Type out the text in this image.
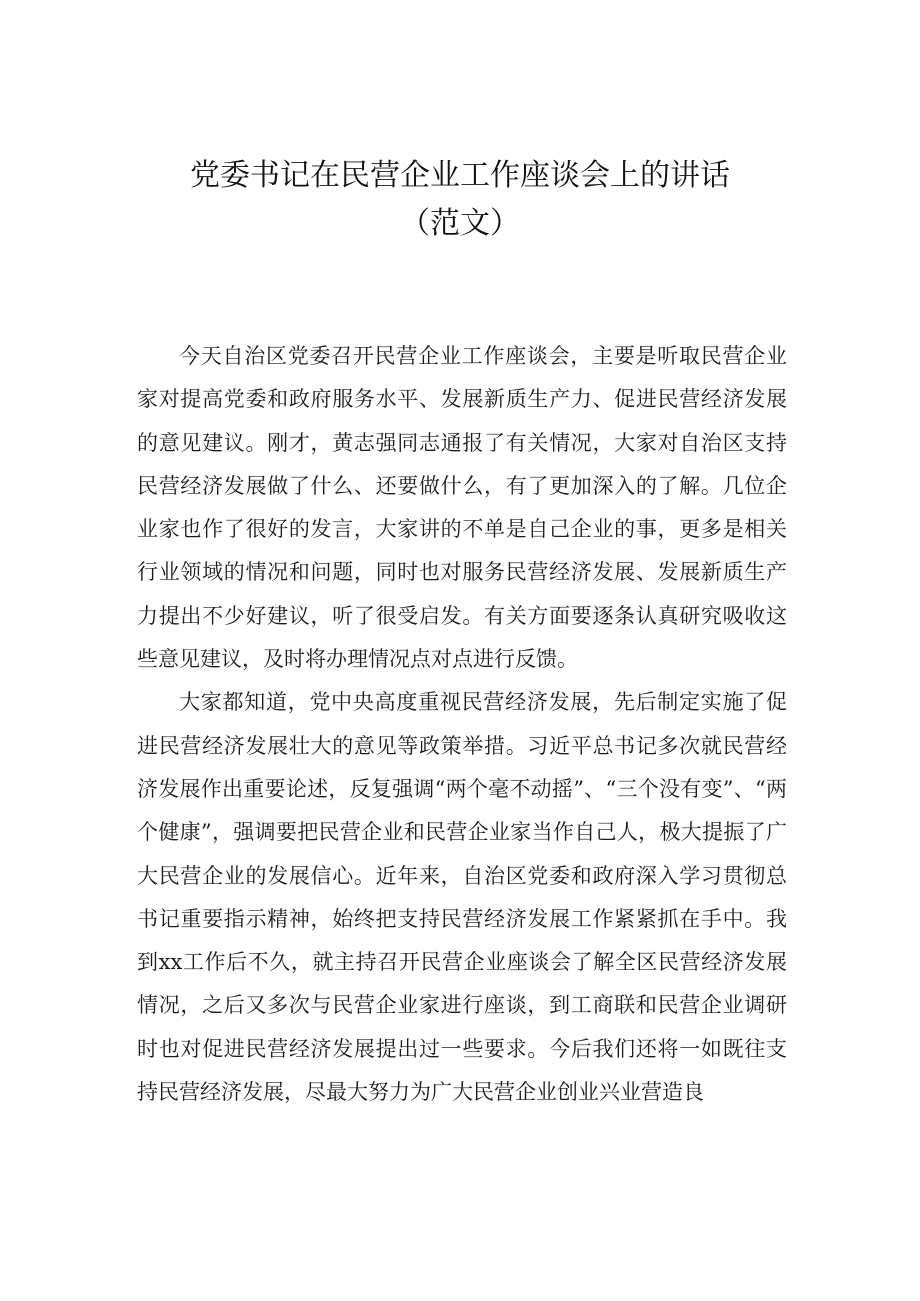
党委书记在民营企业工作座谈会上的讲话
（范文）

今天自治区党委召开民营企业工作座谈会，主要是听取民营企业家对提高党委和政府服务水平、发展新质生产力、促进民营经济发展的意见建议。刚才，黄志强同志通报了有关情况，大家对自治区支持民营经济发展做了什么、还要做什么，有了更加深入的了解。几位企业家也作了很好的发言，大家讲的不单是自己企业的事，更多是相关行业领域的情况和问题，同时也对服务民营经济发展、发展新质生产力提出不少好建议，听了很受启发。有关方面要逐条认真研究吸收这些意见建议，及时将办理情况点对点进行反馈。

大家都知道，党中央高度重视民营经济发展，先后制定实施了促进民营经济发展壮大的意见等政策举措。习近平总书记多次就民营经济发展作出重要论述，反复强调“两个毫不动摇”、“三个没有变”、“两个健康”，强调要把民营企业和民营企业家当作自己人，极大提振了广大民营企业的发展信心。近年来，自治区党委和政府深入学习贯彻总书记重要指示精神，始终把支持民营经济发展工作紧紧抓在手中。我到xx工作后不久，就主持召开民营企业座谈会了解全区民营经济发展情况，之后又多次与民营企业家进行座谈，到工商联和民营企业调研时也对促进民营经济发展提出过一些要求。今后我们还将一如既往支持民营经济发展，尽最大努力为广大民营企业创业兴业营造良
